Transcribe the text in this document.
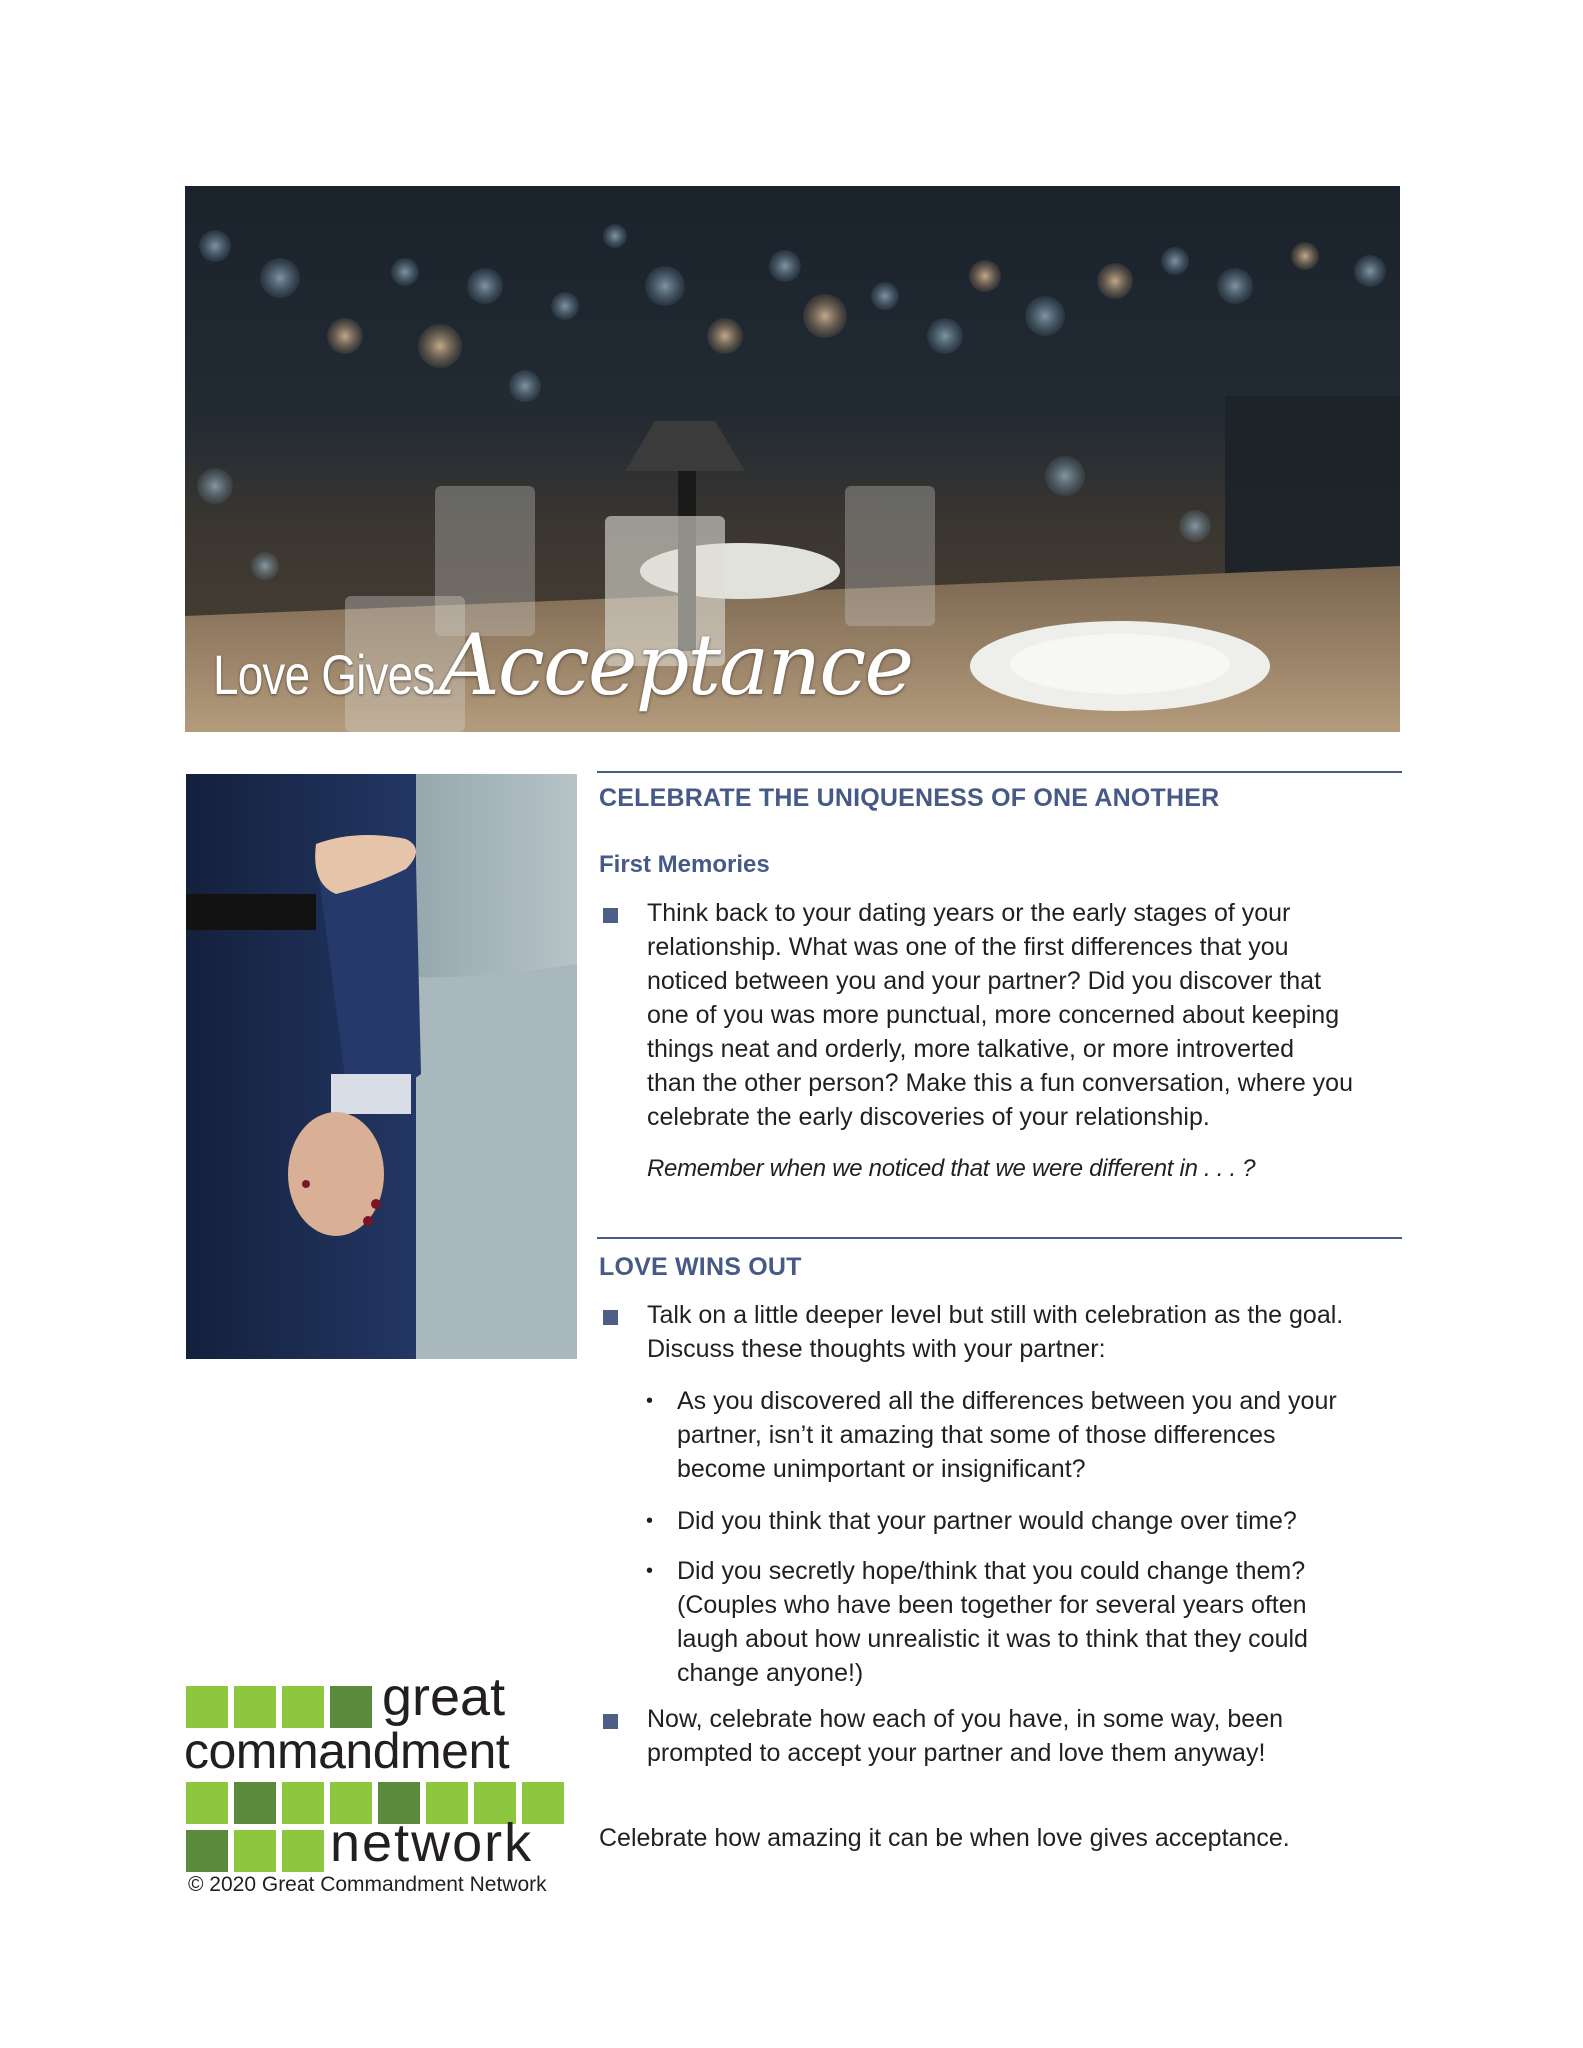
Love GivesAcceptance
CELEBRATE THE UNIQUENESS OF ONE ANOTHER
First Memories
Think back to your dating years or the early stages of your
relationship. What was one of the first differences that you
noticed between you and your partner? Did you discover that
one of you was more punctual, more concerned about keeping
things neat and orderly, more talkative, or more introverted
than the other person? Make this a fun conversation, where you
celebrate the early discoveries of your relationship.
Remember when we noticed that we were different in . . . ?
LOVE WINS OUT
Talk on a little deeper level but still with celebration as the goal.
Discuss these thoughts with your partner:
• As you discovered all the differences between you and your
partner, isn’t it amazing that some of those differences
become unimportant or insignificant?
• Did you think that your partner would change over time?
• Did you secretly hope/think that you could change them?
(Couples who have been together for several years often
laugh about how unrealistic it was to think that they could
change anyone!)
Now, celebrate how each of you have, in some way, been
prompted to accept your partner and love them anyway!
Celebrate how amazing it can be when love gives acceptance.
great
commandment
network
© 2020 Great Commandment Network
